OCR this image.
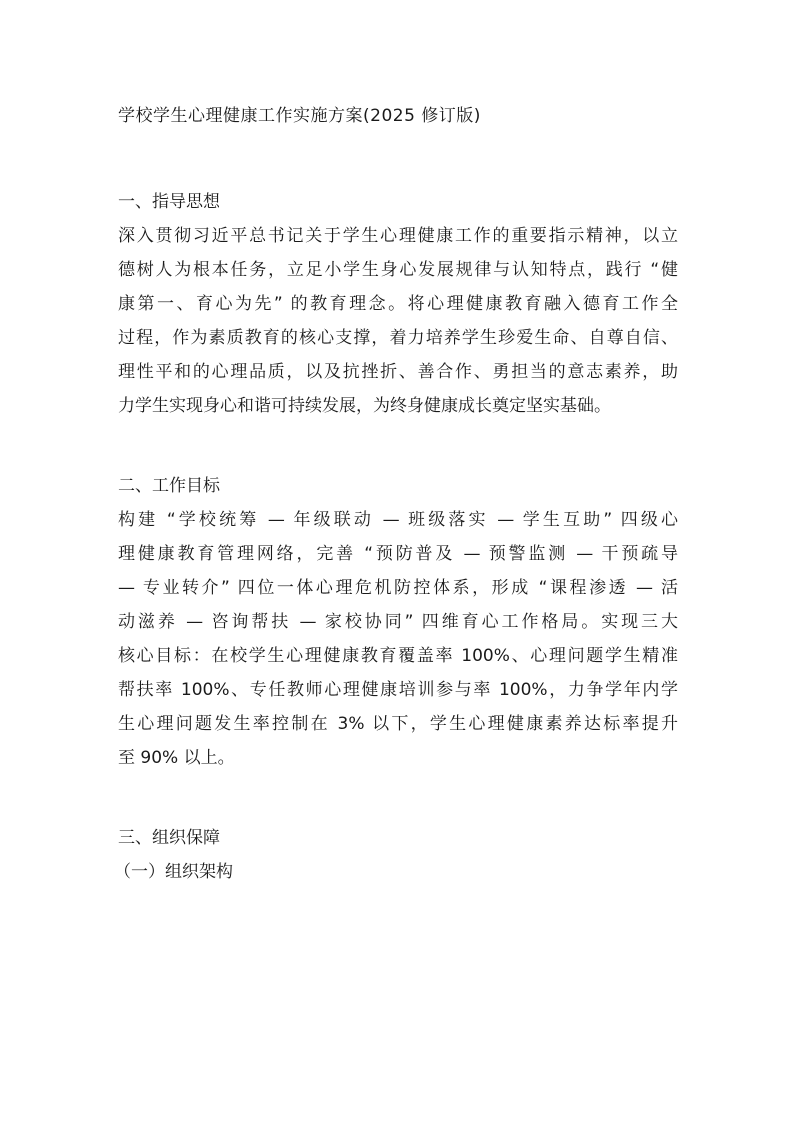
学校学生心理健康工作实施方案(2025 修订版)
一、指导思想
深入贯彻习近平总书记关于学生心理健康工作的重要指示精神，以立
德树人为根本任务，立足小学生身心发展规律与认知特点，践行 “健
康第一、育心为先” 的教育理念。将心理健康教育融入德育工作全
过程，作为素质教育的核心支撑，着力培养学生珍爱生命、自尊自信、
理性平和的心理品质，以及抗挫折、善合作、勇担当的意志素养，助
力学生实现身心和谐可持续发展，为终身健康成长奠定坚实基础。
二、工作目标
构建 “学校统筹 — 年级联动 — 班级落实 — 学生互助” 四级心
理健康教育管理网络，完善 “预防普及 — 预警监测 — 干预疏导
— 专业转介” 四位一体心理危机防控体系，形成 “课程渗透 — 活
动滋养 — 咨询帮扶 — 家校协同” 四维育心工作格局。实现三大
核心目标：在校学生心理健康教育覆盖率 100%、心理问题学生精准
帮扶率 100%、专任教师心理健康培训参与率 100%，力争学年内学
生心理问题发生率控制在 3% 以下，学生心理健康素养达标率提升
至 90% 以上。
三、组织保障
（一）组织架构
